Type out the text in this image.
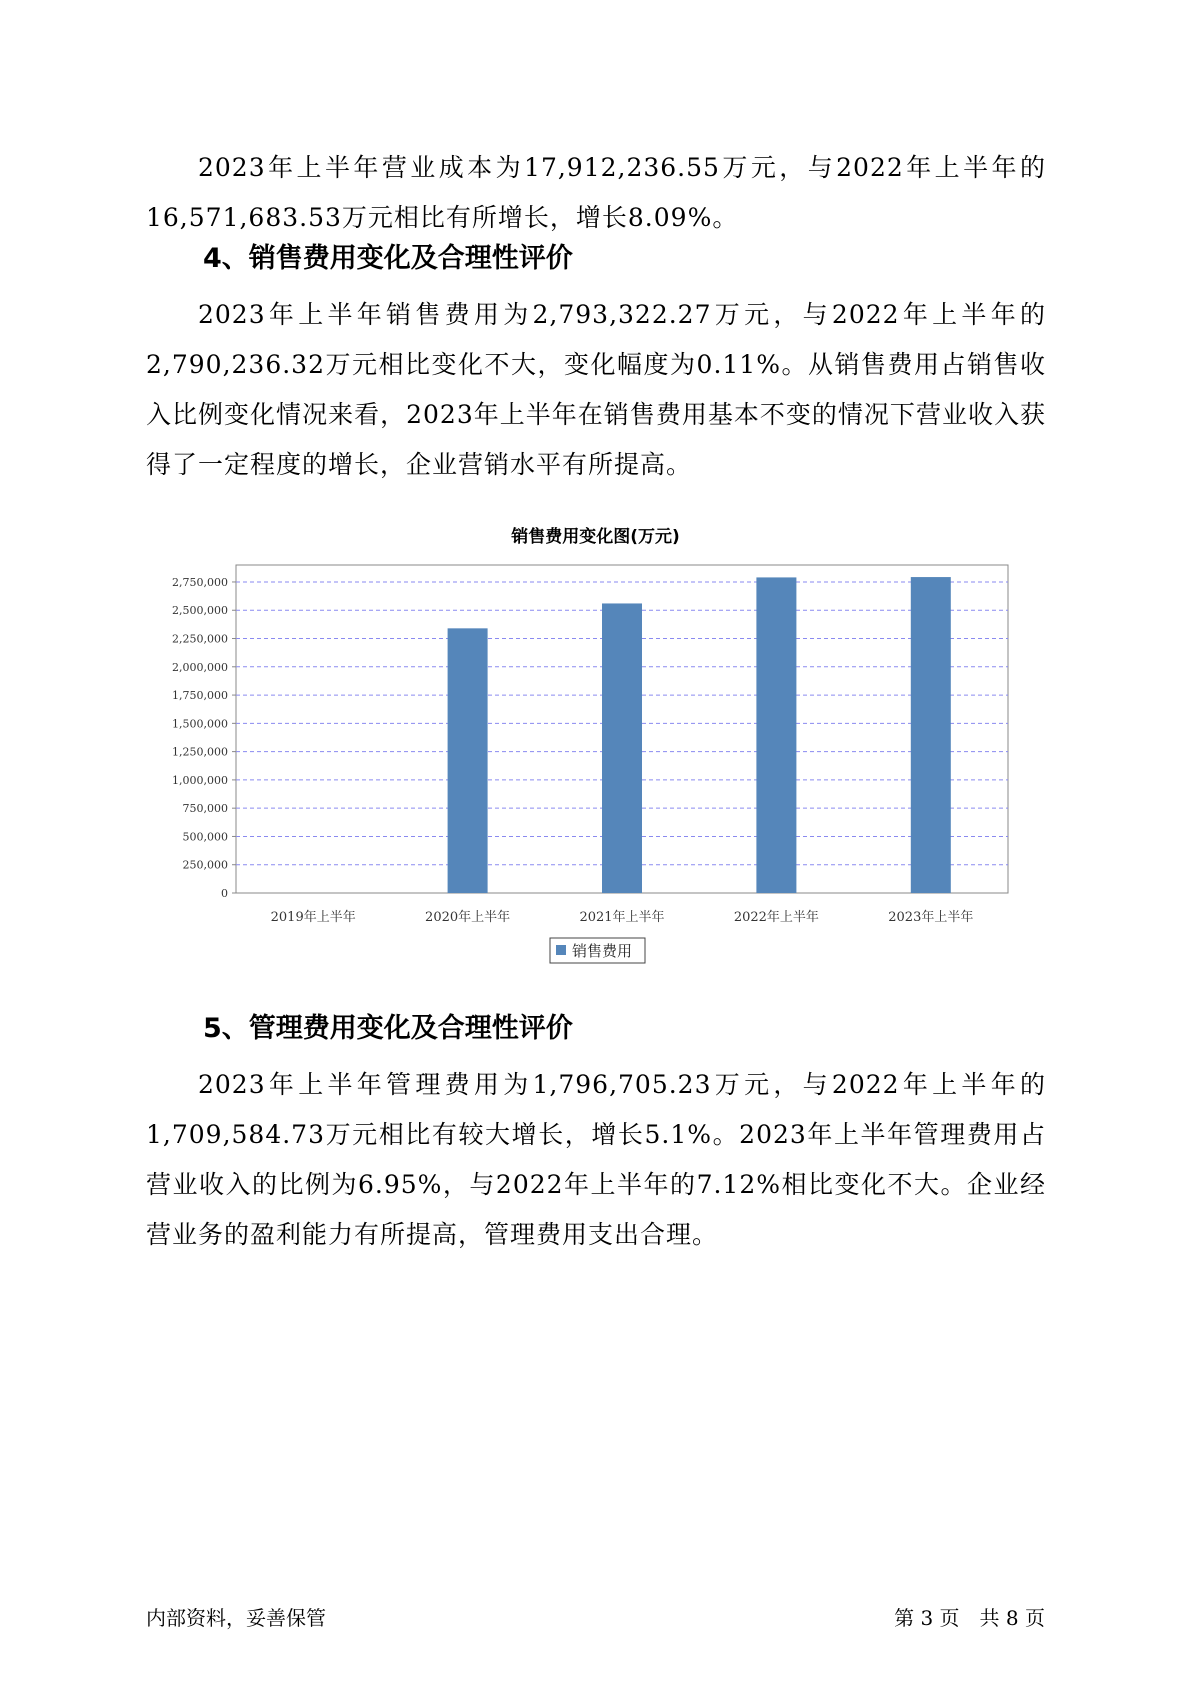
2023年上半年营业成本为17,912,236.55万元，与2022年上半年的16,571,683.53万元相比有所增长，增长8.09%。

4、销售费用变化及合理性评价

2023年上半年销售费用为2,793,322.27万元，与2022年上半年的2,790,236.32万元相比变化不大，变化幅度为0.11%。从销售费用占销售收入比例变化情况来看，2023年上半年在销售费用基本不变的情况下营业收入获得了一定程度的增长，企业营销水平有所提高。

销售费用变化图(万元)
0
250,000
500,000
750,000
1,000,000
1,250,000
1,500,000
1,750,000
2,000,000
2,250,000
2,500,000
2,750,000
2019年上半年	2020年上半年	2021年上半年	2022年上半年	2023年上半年
销售费用
5、管理费用变化及合理性评价

2023年上半年管理费用为1,796,705.23万元，与2022年上半年的1,709,584.73万元相比有较大增长，增长5.1%。2023年上半年管理费用占营业收入的比例为6.95%，与2022年上半年的7.12%相比变化不大。企业经营业务的盈利能力有所提高，管理费用支出合理。

内部资料，妥善保管	第 3 页　共 8 页
